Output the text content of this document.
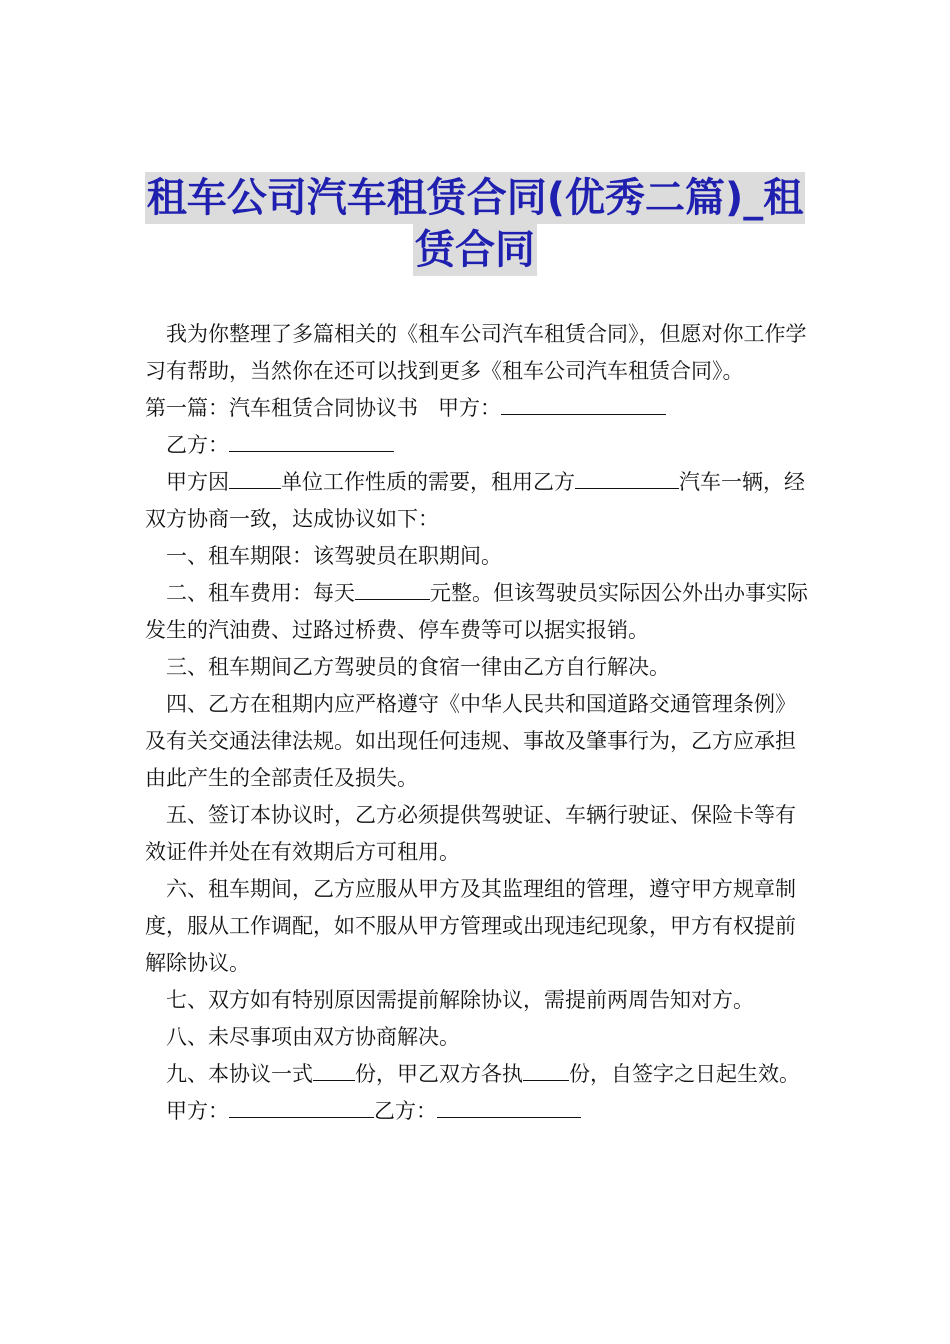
租车公司汽车租赁合同(优秀二篇)_租
赁合同

我为你整理了多篇相关的《租车公司汽车租赁合同》，但愿对你工作学习有帮助，当然你在还可以找到更多《租车公司汽车租赁合同》。

第一篇：汽车租赁合同协议书 甲方：

乙方：

甲方因 单位工作性质的需要，租用乙方	汽车一辆，经双方协商一致，达成协议如下：

一、租车期限：该驾驶员在职期间。

二、租车费用：每天	元整。但该驾驶员实际因公外出办事实际发生的汽油费、过路过桥费、停车费等可以据实报销。

三、租车期间乙方驾驶员的食宿一律由乙方自行解决。

四、乙方在租期内应严格遵守《中华人民共和国道路交通管理条例》及有关交通法律法规。如出现任何违规、事故及肇事行为，乙方应承担由此产生的全部责任及损失。

五、签订本协议时，乙方必须提供驾驶证、车辆行驶证、保险卡等有效证件并处在有效期后方可租用。

六、租车期间，乙方应服从甲方及其监理组的管理，遵守甲方规章制度，服从工作调配，如不服从甲方管理或出现违纪现象，甲方有权提前解除协议。

七、双方如有特别原因需提前解除协议，需提前两周告知对方。

八、未尽事项由双方协商解决。

九、本协议一式 份，甲乙双方各执 份，自签字之日起生效。

甲方：	乙方：
